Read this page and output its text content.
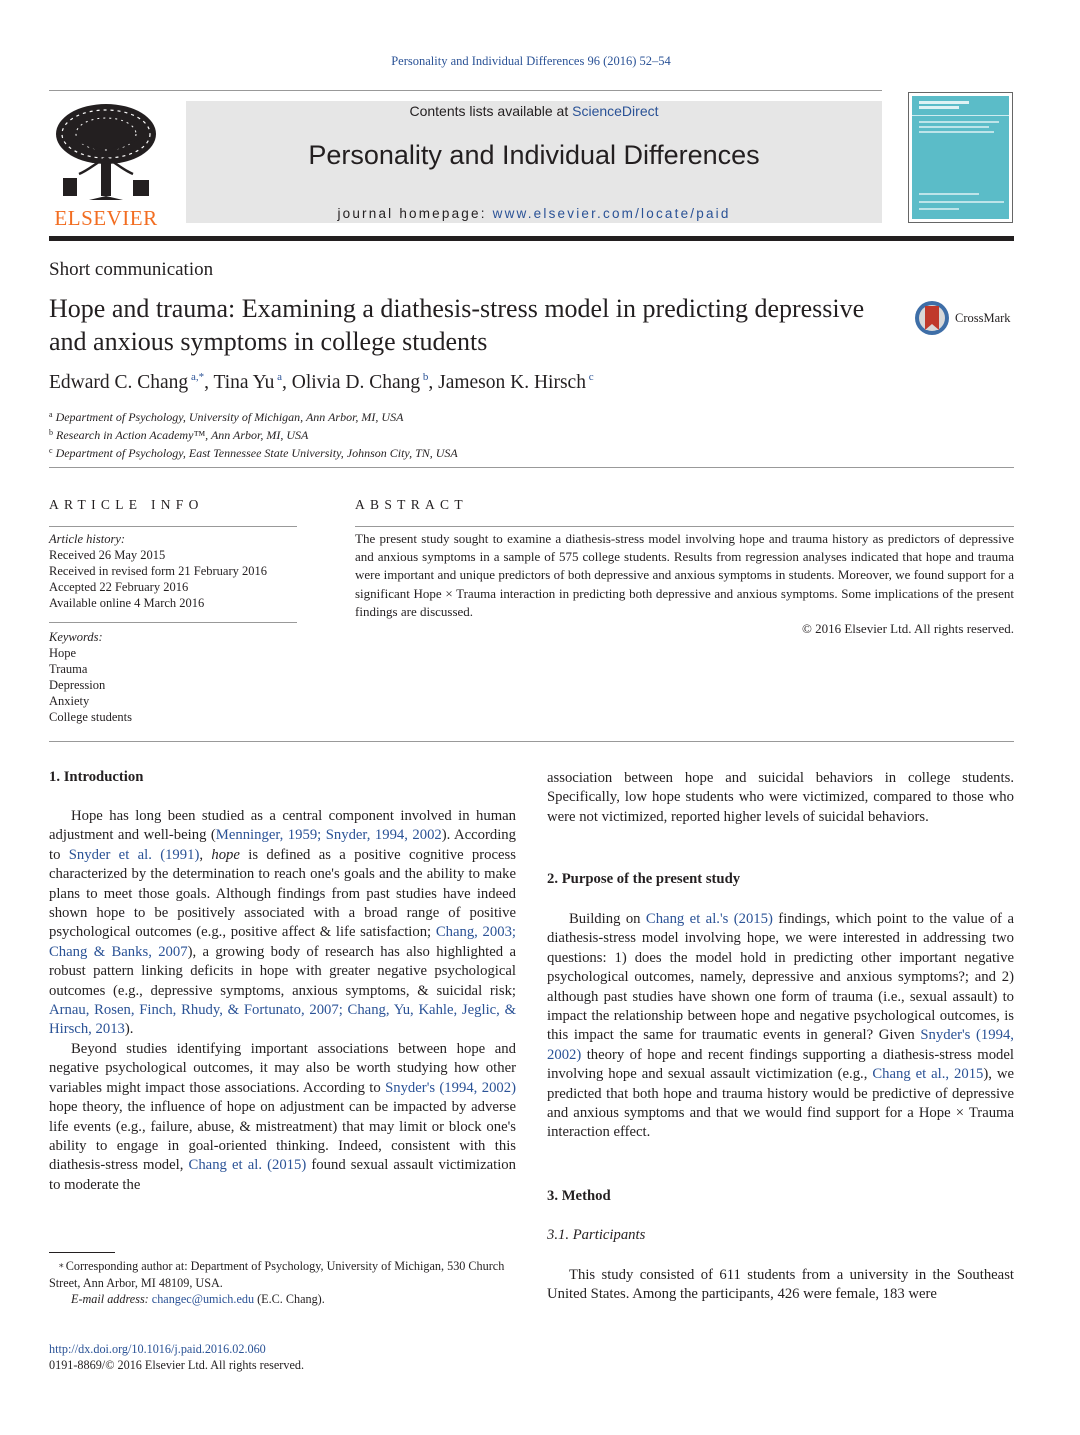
Personality and Individual Differences 96 (2016) 52–54
ELSEVIER
Contents lists available at ScienceDirect
Personality and Individual Differences
journal homepage: www.elsevier.com/locate/paid
Short communication
Hope and trauma: Examining a diathesis-stress model in predicting depressive and anxious symptoms in college students
CrossMark
Edward C. Chang $^{a,*}$, Tina Yu $^a$, Olivia D. Chang $^b$, Jameson K. Hirsch $^c$
$^a$ Department of Psychology, University of Michigan, Ann Arbor, MI, USA
$^b$ Research in Action Academy™, Ann Arbor, MI, USA
$^c$ Department of Psychology, East Tennessee State University, Johnson City, TN, USA
ARTICLE INFO
Article history:
Received 26 May 2015
Received in revised form 21 February 2016
Accepted 22 February 2016
Available online 4 March 2016
Keywords:
Hope
Trauma
Depression
Anxiety
College students
ABSTRACT
The present study sought to examine a diathesis-stress model involving hope and trauma history as predictors of depressive and anxious symptoms in a sample of 575 college students. Results from regression analyses indicated that hope and trauma were important and unique predictors of both depressive and anxious symptoms in students. Moreover, we found support for a significant Hope × Trauma interaction in predicting both depressive and anxious symptoms. Some implications of the present findings are discussed.
© 2016 Elsevier Ltd. All rights reserved.
1. Introduction

Hope has long been studied as a central component involved in human adjustment and well-being (Menninger, 1959; Snyder, 1994, 2002). According to Snyder et al. (1991), hope is defined as a positive cognitive process characterized by the determination to reach one's goals and the ability to make plans to meet those goals. Although findings from past studies have indeed shown hope to be positively associated with a broad range of positive psychological outcomes (e.g., positive affect & life satisfaction; Chang, 2003; Chang & Banks, 2007), a growing body of research has also highlighted a robust pattern linking deficits in hope with greater negative psychological outcomes (e.g., depressive symptoms, anxious symptoms, & suicidal risk; Arnau, Rosen, Finch, Rhudy, & Fortunato, 2007; Chang, Yu, Kahle, Jeglic, & Hirsch, 2013).

Beyond studies identifying important associations between hope and negative psychological outcomes, it may also be worth studying how other variables might impact those associations. According to Snyder's (1994, 2002) hope theory, the influence of hope on adjustment can be impacted by adverse life events (e.g., failure, abuse, & mistreatment) that may limit or block one's ability to engage in goal-oriented thinking. Indeed, consistent with this diathesis-stress model, Chang et al. (2015) found sexual assault victimization to moderate the

association between hope and suicidal behaviors in college students. Specifically, low hope students who were victimized, compared to those who were not victimized, reported higher levels of suicidal behaviors.

2. Purpose of the present study

Building on Chang et al.'s (2015) findings, which point to the value of a diathesis-stress model involving hope, we were interested in addressing two questions: 1) does the model hold in predicting other important negative psychological outcomes, namely, depressive and anxious symptoms?; and 2) although past studies have shown one form of trauma (i.e., sexual assault) to impact the relationship between hope and negative psychological outcomes, is this impact the same for traumatic events in general? Given Snyder's (1994, 2002) theory of hope and recent findings supporting a diathesis-stress model involving hope and sexual assault victimization (e.g., Chang et al., 2015), we predicted that both hope and trauma history would be predictive of depressive and anxious symptoms and that we would find support for a Hope × Trauma interaction effect.

3. Method
3.1. Participants

This study consisted of 611 students from a university in the Southeast United States. Among the participants, 426 were female, 183 were

⁎ Corresponding author at: Department of Psychology, University of Michigan, 530 Church Street, Ann Arbor, MI 48109, USA.
E-mail address: changec@umich.edu (E.C. Chang).
http://dx.doi.org/10.1016/j.paid.2016.02.060
0191-8869/© 2016 Elsevier Ltd. All rights reserved.
